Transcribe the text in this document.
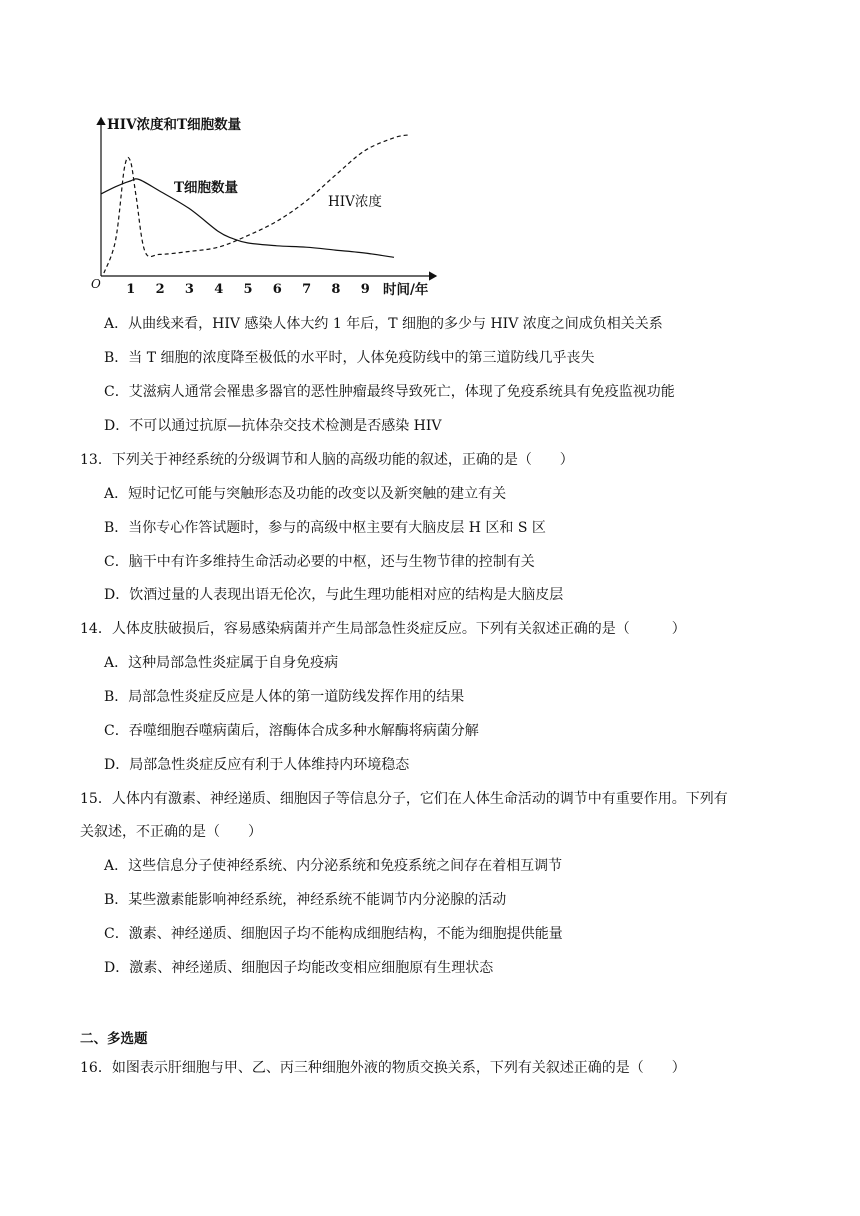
HIV浓度和T细胞数量
时间/年
O 1 2 3 4 5 6 7 8 9
T细胞数量
HIV浓度
A．从曲线来看，HIV 感染人体大约 1 年后，T 细胞的多少与 HIV 浓度之间成负相关关系
B．当 T 细胞的浓度降至极低的水平时，人体免疫防线中的第三道防线几乎丧失
C．艾滋病人通常会罹患多器官的恶性肿瘤最终导致死亡，体现了免疫系统具有免疫监视功能
D．不可以通过抗原—抗体杂交技术检测是否感染 HIV
13．下列关于神经系统的分级调节和人脑的高级功能的叙述，正确的是（　　）
A．短时记忆可能与突触形态及功能的改变以及新突触的建立有关
B．当你专心作答试题时，参与的高级中枢主要有大脑皮层 H 区和 S 区
C．脑干中有许多维持生命活动必要的中枢，还与生物节律的控制有关
D．饮酒过量的人表现出语无伦次，与此生理功能相对应的结构是大脑皮层
14．人体皮肤破损后，容易感染病菌并产生局部急性炎症反应。下列有关叙述正确的是（　　　）
A．这种局部急性炎症属于自身免疫病
B．局部急性炎症反应是人体的第一道防线发挥作用的结果
C．吞噬细胞吞噬病菌后，溶酶体合成多种水解酶将病菌分解
D．局部急性炎症反应有利于人体维持内环境稳态
15．人体内有激素、神经递质、细胞因子等信息分子，它们在人体生命活动的调节中有重要作用。下列有
关叙述，不正确的是（　　）
A．这些信息分子使神经系统、内分泌系统和免疫系统之间存在着相互调节
B．某些激素能影响神经系统，神经系统不能调节内分泌腺的活动
C．激素、神经递质、细胞因子均不能构成细胞结构，不能为细胞提供能量
D．激素、神经递质、细胞因子均能改变相应细胞原有生理状态
二、多选题
16．如图表示肝细胞与甲、乙、丙三种细胞外液的物质交换关系，下列有关叙述正确的是（　　）
